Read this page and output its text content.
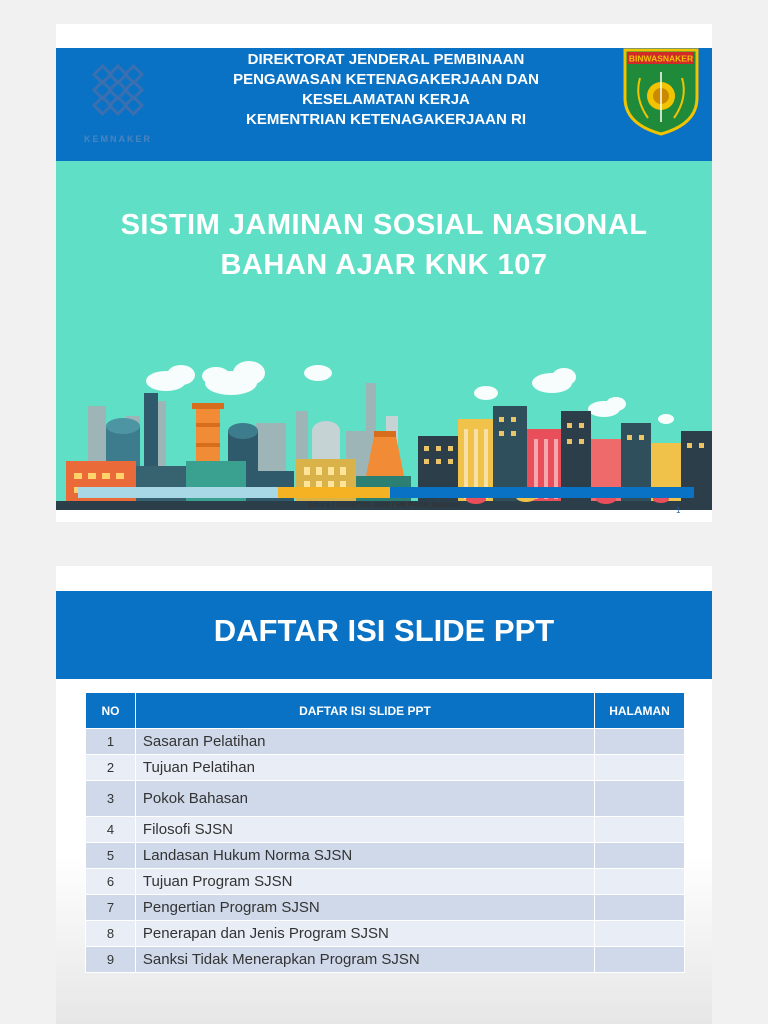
KEMNAKER
DIREKTORAT JENDERAL PEMBINAAN
PENGAWASAN KETENAGAKERJAAN DAN
KESELAMATAN KERJA
KEMENTRIAN KETENAGAKERJAAN RI
BINWASNAKER
SISTIM JAMINAN SOSIAL NASIONAL
BAHAN AJAR KNK 107
Edisi II / AGUSTUS -2020 / HR /FKNK Nasional
1
DAFTAR ISI SLIDE PPT
NO	DAFTAR ISI SLIDE PPT	HALAMAN
1	Sasaran Pelatihan	
2	Tujuan Pelatihan	
3	Pokok Bahasan	
4	Filosofi SJSN	
5	Landasan Hukum Norma SJSN	
6	Tujuan Program SJSN	
7	Pengertian Program SJSN	
8	Penerapan dan Jenis Program SJSN	
9	Sanksi Tidak Menerapkan Program SJSN	
